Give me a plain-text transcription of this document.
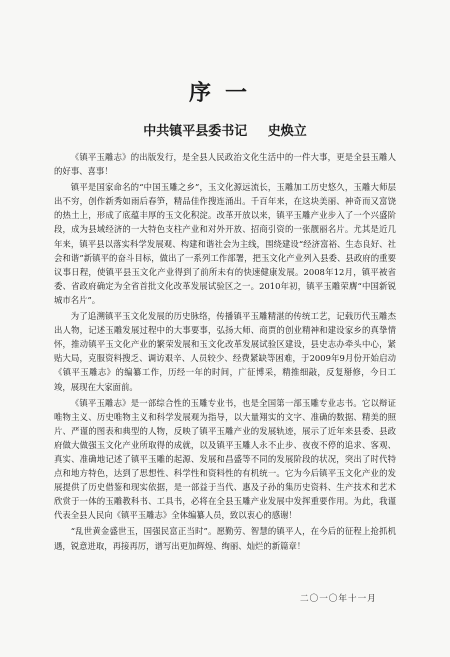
序一
中共镇平县委书记 史焕立

《镇平玉雕志》的出版发行，是全县人民政治文化生活中的一件大事，更是全县玉雕人的好事、喜事！

镇平是国家命名的“中国玉雕之乡”，玉文化源远流长，玉雕加工历史悠久，玉雕大师层出不穷，创作新秀如雨后春笋，精品佳作搜连涌出。千百年来，在这块美丽、神奇而又富饶的热土上，形成了底蕴丰厚的玉文化积淀。改革开放以来，镇平玉雕产业步入了一个兴盛阶段，成为县域经济的一大特色支柱产业和对外开放、招商引资的一张靓丽名片。尤其是近几年来，镇平县以落实科学发展观、构建和谐社会为主线，围绕建设“经济富裕、生态良好、社会和谐”新镇平的奋斗目标，做出了一系列工作部署，把玉文化产业列入县委、县政府的重要议事日程，使镇平县玉文化产业得到了前所未有的快速健康发展。2008年12月，镇平被省委、省政府确定为全省首批文化改革发展试验区之一。2010年初，镇平玉雕荣膺“中国新锐城市名片”。

为了追溯镇平玉文化发展的历史脉络，传播镇平玉雕精湛的传统工艺，记载历代玉雕杰出人物，记述玉雕发展过程中的大事要事，弘扬大师、商贾的创业精神和建设家乡的真挚情怀，推动镇平玉文化产业的繁荣发展和玉文化改革发展试验区建设，县史志办牵头中心，紧贴大局，克服资料搜乏、调访艰辛、人员较少、经费紧缺等困难，于2009年9月份开始启动《镇平玉雕志》的编纂工作，历经一年的时间，广征博采，精推细敲，反复掰修，今日工竣，展现在大家面前。

《镇平玉雕志》是一部综合性的玉雕专业书，也是全国第一部玉雕专业志书。它以辩证唯物主义、历史唯物主义和科学发展观为指导，以大量翔实的文字、准确的数据、精美的照片、严谨的图表和典型的人物，反映了镇平玉雕产业的发展轨迹，展示了近年来县委、县政府做大做强玉文化产业所取得的成就，以及镇平玉雕人永不止步、夜夜不停的追求、客观、真实、准确地记述了镇平玉雕的起源、发展和昌盛等不同的发展阶段的状况，突出了时代特点和地方特色，达到了思想性、科学性和资料性的有机统一。它为今后镇平玉文化产业的发展提供了历史借鉴和现实依据，是一部益于当代、惠及子孙的集历史资料、生产技术和艺术欣赏于一体的玉雕教科书、工具书，必将在全县玉雕产业发展中发挥重要作用。为此，我谨代表全县人民向《镇平玉雕志》全体编纂人员，致以衷心的感谢！

“乱世黄金盛世玉，国强民富正当时”。愿勤劳、智慧的镇平人，在今后的征程上抢抓机遇，锐意进取，再接再厉，谱写出更加辉煌、绚丽、灿烂的新篇章！

二〇一〇年十一月
